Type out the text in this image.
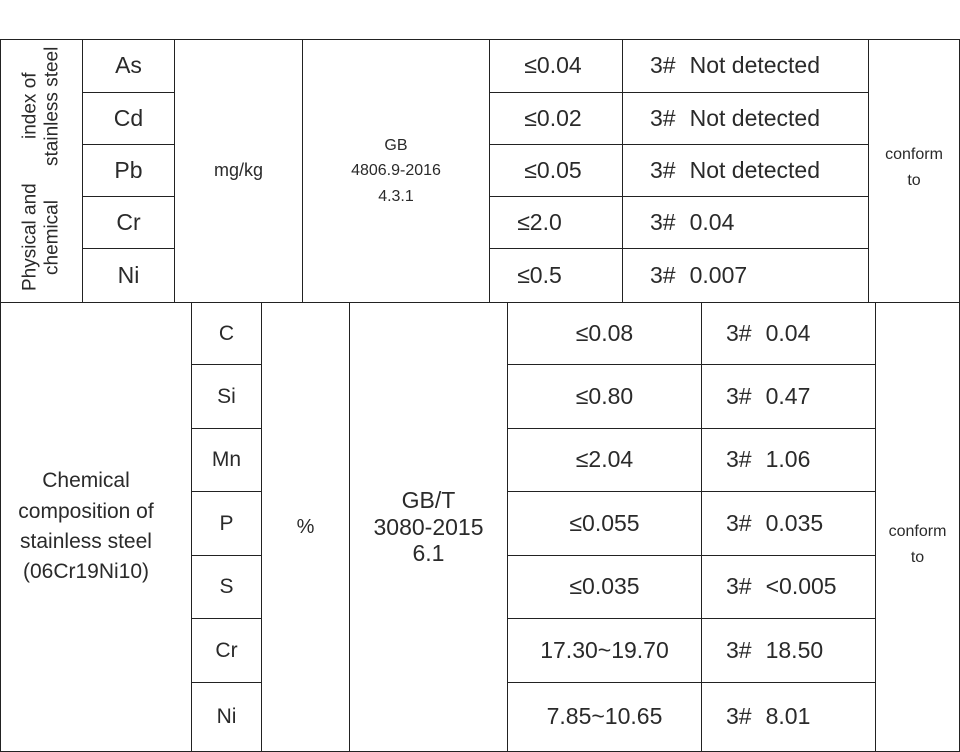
Physical and chemical
index of stainless steel	As
Cd
Pb
Cr
Ni
mg/kg
GB
4806.9-2016
4.3.1
≤0.04
≤0.02
≤0.05
≤2.0
≤0.5
3# Not detected
3# Not detected
3# Not detected
3# 0.04
3# 0.007
conform
to
Chemical
composition of
stainless steel
(06Cr19Ni10)
C
Si
Mn
P
S
Cr
Ni
%
GB/T
3080-2015
6.1
≤0.08
≤0.80
≤2.04
≤0.055
≤0.035
17.30~19.70
7.85~10.65
3# 0.04
3# 0.47
3# 1.06
3# 0.035
3# <0.005
3# 18.50
3# 8.01
conform
to
